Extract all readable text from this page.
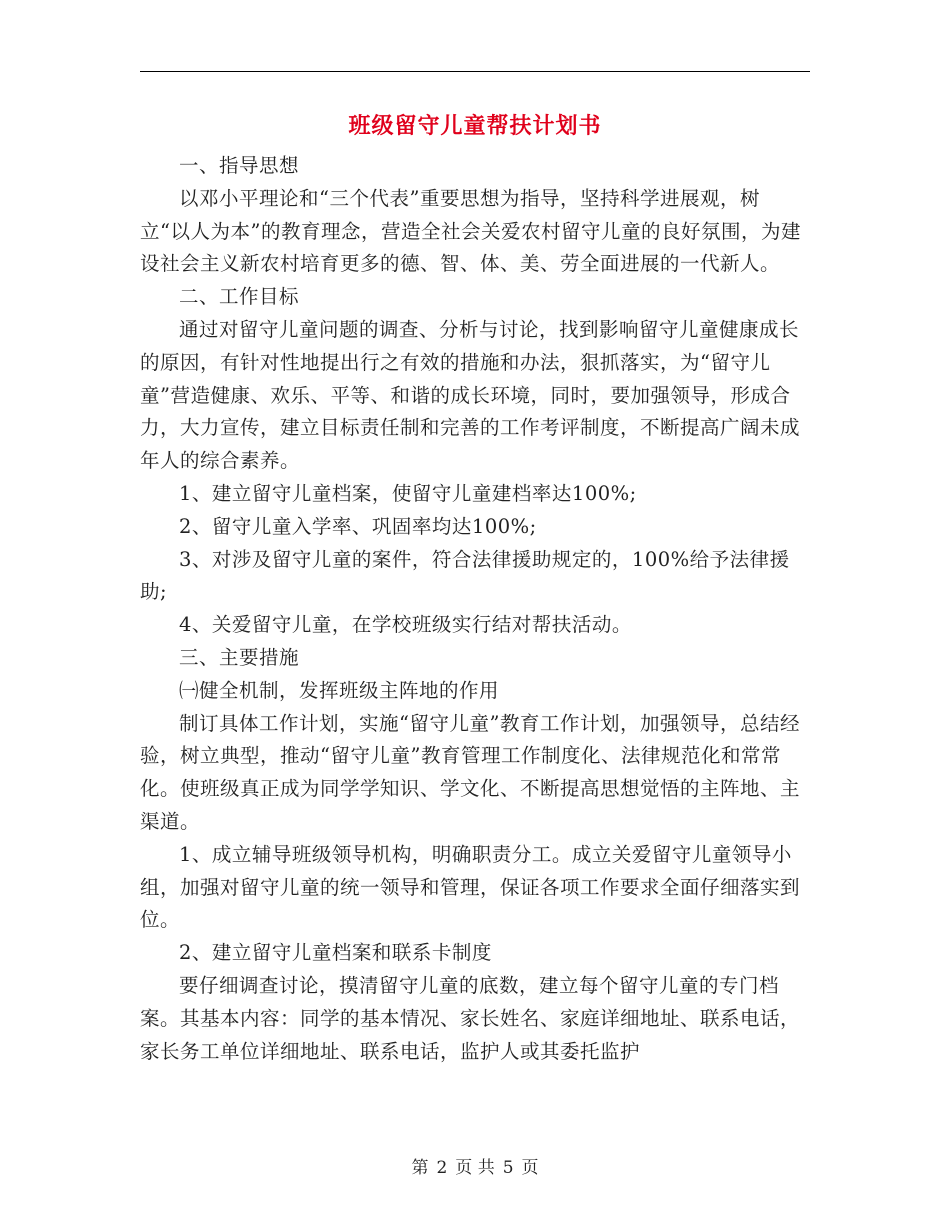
班级留守儿童帮扶计划书

一、指导思想

以邓小平理论和“三个代表”重要思想为指导，坚持科学进展观，树立“以人为本”的教育理念，营造全社会关爱农村留守儿童的良好氛围，为建设社会主义新农村培育更多的德、智、体、美、劳全面进展的一代新人。

二、工作目标

通过对留守儿童问题的调查、分析与讨论，找到影响留守儿童健康成长的原因，有针对性地提出行之有效的措施和办法，狠抓落实，为“留守儿童”营造健康、欢乐、平等、和谐的成长环境，同时，要加强领导，形成合力，大力宣传，建立目标责任制和完善的工作考评制度，不断提高广阔未成年人的综合素养。

1、建立留守儿童档案，使留守儿童建档率达100%;

2、留守儿童入学率、巩固率均达100%;

3、对涉及留守儿童的案件，符合法律援助规定的，100%给予法律援助;

4、关爱留守儿童，在学校班级实行结对帮扶活动。

三、主要措施

㈠健全机制，发挥班级主阵地的作用

制订具体工作计划，实施“留守儿童”教育工作计划，加强领导，总结经验，树立典型，推动“留守儿童”教育管理工作制度化、法律规范化和常常化。使班级真正成为同学学知识、学文化、不断提高思想觉悟的主阵地、主渠道。

1、成立辅导班级领导机构，明确职责分工。成立关爱留守儿童领导小组，加强对留守儿童的统一领导和管理，保证各项工作要求全面仔细落实到位。

2、建立留守儿童档案和联系卡制度

要仔细调查讨论，摸清留守儿童的底数，建立每个留守儿童的专门档案。其基本内容：同学的基本情况、家长姓名、家庭详细地址、联系电话，家长务工单位详细地址、联系电话，监护人或其委托监护

第 2 页 共 5 页
